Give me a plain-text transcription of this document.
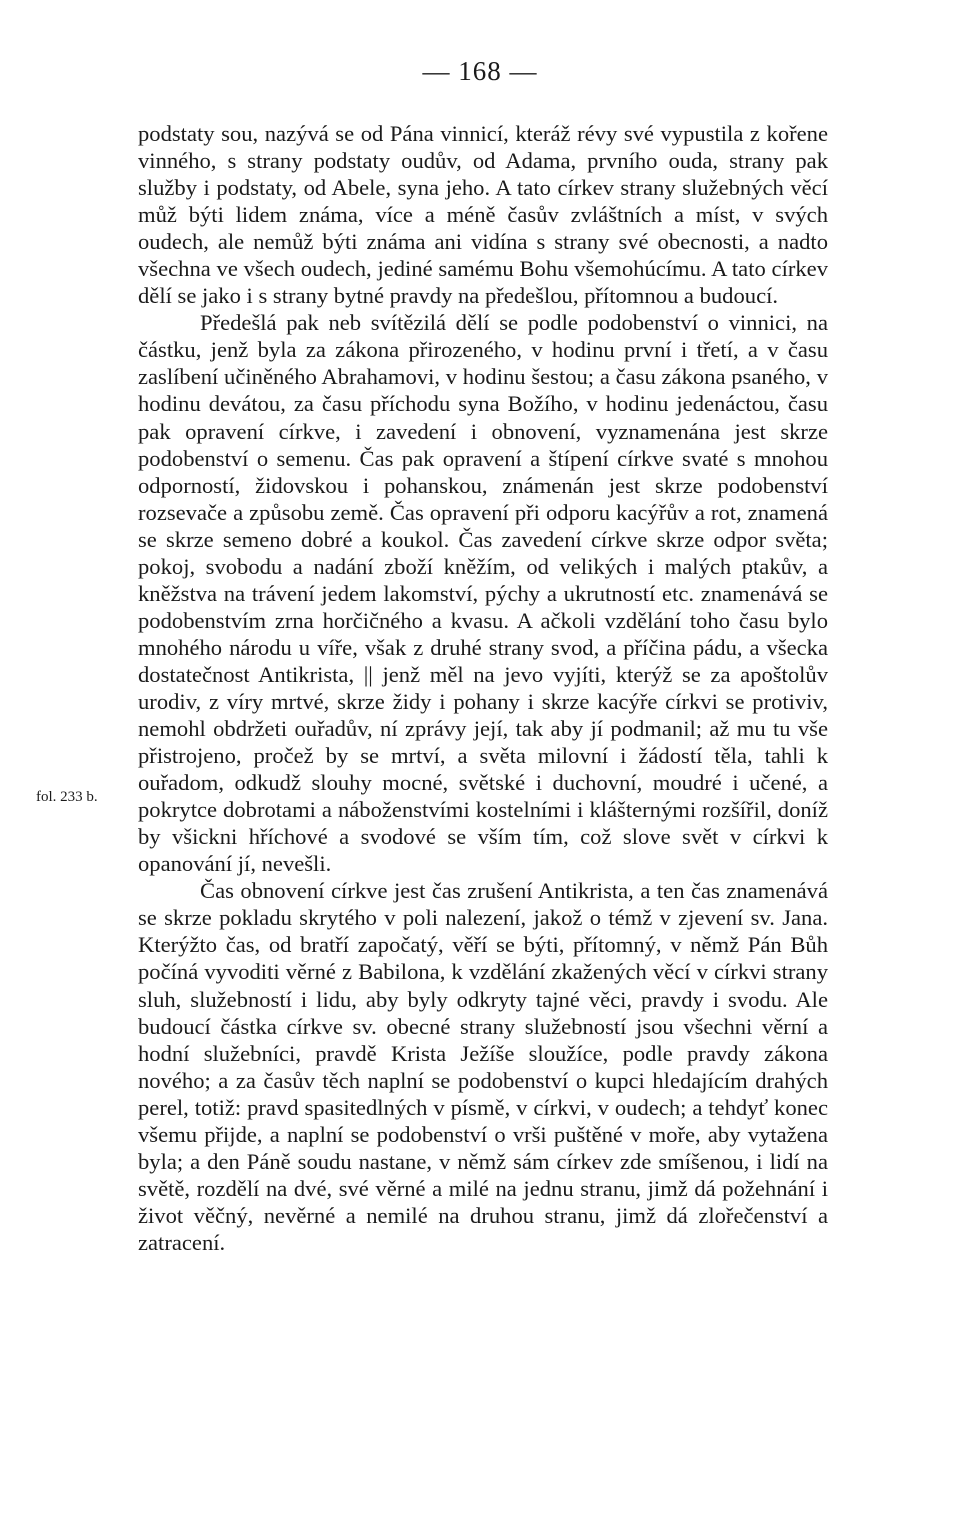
— 168 —
fol. 233 b.

podstaty sou, nazývá se od Pána vinnicí, kteráž révy své vypustila z kořene vinného, s strany podstaty oudův, od Adama, prvního ouda, strany pak služby i podstaty, od Abele, syna jeho. A tato církev strany služebných věcí můž býti lidem známa, více a méně časův zvláštních a míst, v svých oudech, ale nemůž býti známa ani vidína s strany své obecnosti, a nadto všechna ve všech oudech, jediné samému Bohu všemohúcímu. A tato církev dělí se jako i s strany bytné pravdy na předešlou, přítomnou a budoucí.

Předešlá pak neb svítězilá dělí se podle podobenství o vinnici, na částku, jenž byla za zákona přirozeného, v hodinu první i třetí, a v času zaslíbení učiněného Abrahamovi, v hodinu šestou; a času zákona psaného, v hodinu devátou, za času příchodu syna Božího, v hodinu jedenáctou, času pak opravení církve, i zavedení i obnovení, vyznamenána jest skrze podobenství o semenu. Čas pak opravení a štípení církve svaté s mnohou odporností, židovskou i pohanskou, známenán jest skrze podobenství rozsevače a způsobu země. Čas opravení při odporu kacýřův a rot, znamená se skrze semeno dobré a koukol. Čas zavedení církve skrze odpor světa; pokoj, svobodu a nadání zboží kněžím, od velikých i malých ptakův, a kněžstva na trávení jedem lakomství, pýchy a ukrutností etc. znamenává se podobenstvím zrna horčičného a kvasu. A ačkoli vzdělání toho času bylo mnohého národu u víře, však z druhé strany svod, a příčina pádu, a všecka dostatečnost Antikrista, || jenž měl na jevo vyjíti, kterýž se za apoštolův urodiv, z víry mrtvé, skrze židy i pohany i skrze kacýře církvi se protiviv, nemohl obdržeti ouřadův, ní zprávy její, tak aby jí podmanil; až mu tu vše přistrojeno, pročež by se mrtví, a světa milovní i žádostí těla, tahli k ouřadom, odkudž slouhy mocné, světské i duchovní, moudré i učené, a pokrytce dobrotami a náboženstvími kostelními i klášternými rozšířil, doníž by všickni hříchové a svodové se vším tím, což slove svět v církvi k opanování jí, nevešli.

Čas obnovení církve jest čas zrušení Antikrista, a ten čas znamenává se skrze pokladu skrytého v poli nalezení, jakož o témž v zjevení sv. Jana. Kterýžto čas, od bratří započatý, věří se býti, přítomný, v němž Pán Bůh počíná vyvoditi věrné z Babilona, k vzdělání zkažených věcí v církvi strany sluh, služebností i lidu, aby byly odkryty tajné věci, pravdy i svodu. Ale budoucí částka církve sv. obecné strany služebností jsou všechni věrní a hodní služebníci, pravdě Krista Ježíše sloužíce, podle pravdy zákona nového; a za časův těch naplní se podobenství o kupci hledajícím drahých perel, totiž: pravd spasitedlných v písmě, v církvi, v oudech; a tehdyť konec všemu přijde, a naplní se podobenství o vrši puštěné v moře, aby vytažena byla; a den Páně soudu nastane, v němž sám církev zde smíšenou, i lidí na světě, rozdělí na dvé, své věrné a milé na jednu stranu, jimž dá požehnání i život věčný, nevěrné a nemilé na druhou stranu, jimž dá zlořečenství a zatracení.
